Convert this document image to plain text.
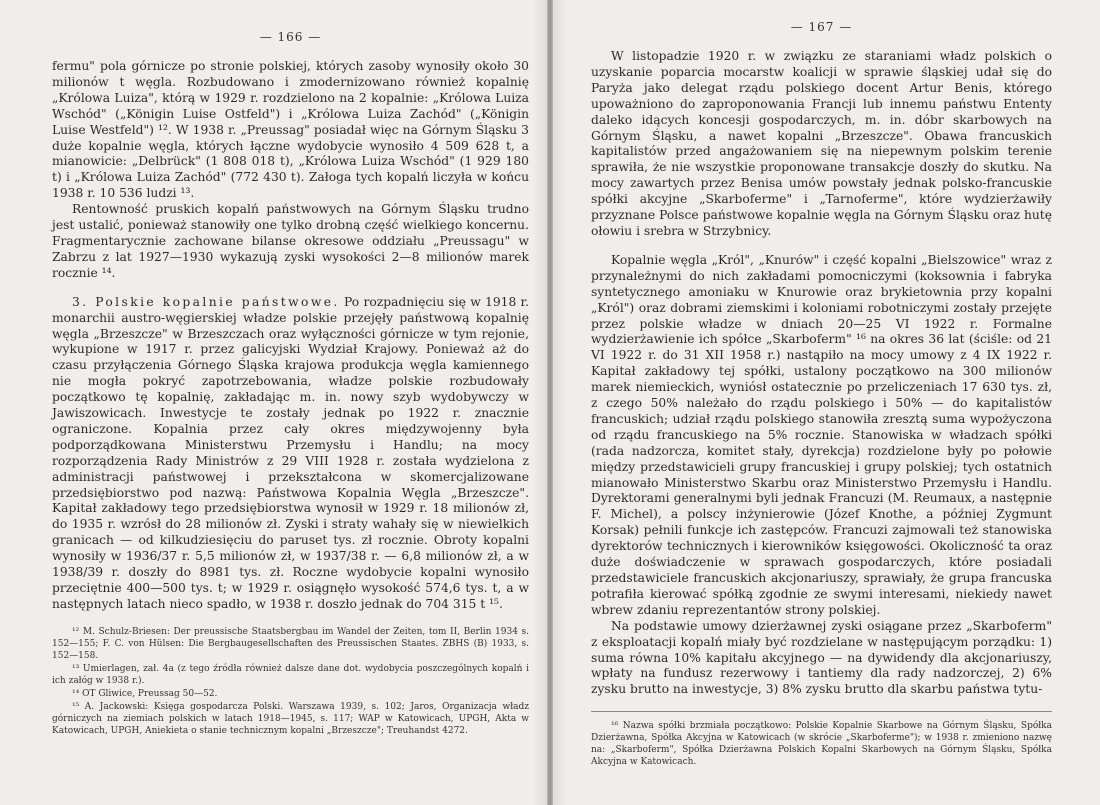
— 166 —

fermu" pola górnicze po stronie polskiej, których zasoby wynosiły około 30 milionów t węgla. Rozbudowano i zmodernizowano również kopalnię „Królowa Luiza", którą w 1929 r. rozdzielono na 2 kopalnie: „Królowa Luiza Wschód" („Königin Luise Ostfeld") i „Królowa Luiza Zachód" („Königin Luise Westfeld") ¹². W 1938 r. „Preussag" posiadał więc na Górnym Śląsku 3 duże kopalnie węgla, których łączne wydobycie wynosiło 4 509 628 t, a mianowicie: „Delbrück" (1 808 018 t), „Królowa Luiza Wschód" (1 929 180 t) i „Królowa Luiza Zachód" (772 430 t). Załoga tych kopalń liczyła w końcu 1938 r. 10 536 ludzi ¹³.

Rentowność pruskich kopalń państwowych na Górnym Śląsku trudno jest ustalić, ponieważ stanowiły one tylko drobną część wielkiego koncernu. Fragmentarycznie zachowane bilanse okresowe oddziału „Preussagu" w Zabrzu z lat 1927—1930 wykazują zyski wysokości 2—8 milionów marek rocznie ¹⁴.

3. Polskie kopalnie państwowe. Po rozpadnięciu się w 1918 r. monarchii austro-węgierskiej władze polskie przejęły państwową kopalnię węgla „Brzeszcze" w Brzeszczach oraz wyłączności górnicze w tym rejonie, wykupione w 1917 r. przez galicyjski Wydział Krajowy. Ponieważ aż do czasu przyłączenia Górnego Śląska krajowa produkcja węgla kamiennego nie mogła pokryć zapotrzebowania, władze polskie rozbudowały początkowo tę kopalnię, zakładając m. in. nowy szyb wydobywczy w Jawiszowicach. Inwestycje te zostały jednak po 1922 r. znacznie ograniczone. Kopalnia przez cały okres międzywojenny była podporządkowana Ministerstwu Przemysłu i Handlu; na mocy rozporządzenia Rady Ministrów z 29 VIII 1928 r. została wydzielona z administracji państwowej i przekształcona w skomercjalizowane przedsiębiorstwo pod nazwą: Państwowa Kopalnia Węgla „Brzeszcze". Kapitał zakładowy tego przedsiębiorstwa wynosił w 1929 r. 18 milionów zł, do 1935 r. wzrósł do 28 milionów zł. Zyski i straty wahały się w niewielkich granicach — od kilkudziesięciu do paruset tys. zł rocznie. Obroty kopalni wynosiły w 1936/37 r. 5,5 milionów zł, w 1937/38 r. — 6,8 milionów zł, a w 1938/39 r. doszły do 8981 tys. zł. Roczne wydobycie kopalni wynosiło przeciętnie 400—500 tys. t; w 1929 r. osiągnęło wysokość 574,6 tys. t, a w następnych latach nieco spadło, w 1938 r. doszło jednak do 704 315 t ¹⁵.

¹² M. Schulz-Briesen: Der preussische Staatsbergbau im Wandel der Zeiten, tom II, Berlin 1934 s. 152—155; F. C. von Hülsen: Die Bergbaugesellschaften des Preussischen Staates. ZBHS (B) 1933, s. 152—158.

¹³ Umierlagen, zał. 4a (z tego źródła również dalsze dane dot. wydobycia poszczególnych kopalń i ich załóg w 1938 r.).

¹⁴ OT Gliwice, Preussag 50—52.

¹⁵ A. Jackowski: Księga gospodarcza Polski. Warszawa 1939, s. 102; Jaros, Organizacja władz górniczych na ziemiach polskich w latach 1918—1945, s. 117; WAP w Katowicach, UPGH, Akta w Katowicach, UPGH, Aniekieta o stanie technicznym kopalni „Brzeszcze"; Treuhandst 4272.

— 167 —

W listopadzie 1920 r. w związku ze staraniami władz polskich o uzyskanie poparcia mocarstw koalicji w sprawie śląskiej udał się do Paryża jako delegat rządu polskiego docent Artur Benis, którego upoważniono do zaproponowania Francji lub innemu państwu Ententy daleko idących koncesji gospodarczych, m. in. dóbr skarbowych na Górnym Śląsku, a nawet kopalni „Brzeszcze". Obawa francuskich kapitalistów przed angażowaniem się na niepewnym polskim terenie sprawiła, że nie wszystkie proponowane transakcje doszły do skutku. Na mocy zawartych przez Benisa umów powstały jednak polsko-francuskie spółki akcyjne „Skarboferme" i „Tarnoferme", które wydzierżawiły przyznane Polsce państwowe kopalnie węgla na Górnym Śląsku oraz hutę ołowiu i srebra w Strzybnicy.

Kopalnie węgla „Król", „Knurów" i część kopalni „Bielszowice" wraz z przynależnymi do nich zakładami pomocniczymi (koksownia i fabryka syntetycznego amoniaku w Knurowie oraz brykietownia przy kopalni „Król") oraz dobrami ziemskimi i koloniami robotniczymi zostały przejęte przez polskie władze w dniach 20—25 VI 1922 r. Formalne wydzierżawienie ich spółce „Skarboferm" ¹⁶ na okres 36 lat (ściśle: od 21 VI 1922 r. do 31 XII 1958 r.) nastąpiło na mocy umowy z 4 IX 1922 r. Kapitał zakładowy tej spółki, ustalony początkowo na 300 milionów marek niemieckich, wyniósł ostatecznie po przeliczeniach 17 630 tys. zł, z czego 50% należało do rządu polskiego i 50% — do kapitalistów francuskich; udział rządu polskiego stanowiła zresztą suma wypożyczona od rządu francuskiego na 5% rocznie. Stanowiska w władzach spółki (rada nadzorcza, komitet stały, dyrekcja) rozdzielone były po połowie między przedstawicieli grupy francuskiej i grupy polskiej; tych ostatnich mianowało Ministerstwo Skarbu oraz Ministerstwo Przemysłu i Handlu. Dyrektorami generalnymi byli jednak Francuzi (M. Reumaux, a następnie F. Michel), a polscy inżynierowie (Józef Knothe, a później Zygmunt Korsak) pełnili funkcje ich zastępców. Francuzi zajmowali też stanowiska dyrektorów technicznych i kierowników księgowości. Okoliczność ta oraz duże doświadczenie w sprawach gospodarczych, które posiadali przedstawiciele francuskich akcjonariuszy, sprawiały, że grupa francuska potrafiła kierować spółką zgodnie ze swymi interesami, niekiedy nawet wbrew zdaniu reprezentantów strony polskiej.

Na podstawie umowy dzierżawnej zyski osiągane przez „Skarboferm" z eksploatacji kopalń miały być rozdzielane w następującym porządku: 1) suma równa 10% kapitału akcyjnego — na dywidendy dla akcjonariuszy, wpłaty na fundusz rezerwowy i tantiemy dla rady nadzorczej, 2) 6% zysku brutto na inwestycje, 3) 8% zysku brutto dla skarbu państwa tytu-

¹⁶ Nazwa spółki brzmiała początkowo: Polskie Kopalnie Skarbowe na Górnym Śląsku, Spółka Dzierżawna, Spółka Akcyjna w Katowicach (w skrócie „Skarboferme"); w 1938 r. zmieniono nazwę na: „Skarboferm", Spółka Dzierżawna Polskich Kopalni Skarbowych na Górnym Śląsku, Spółka Akcyjna w Katowicach.
